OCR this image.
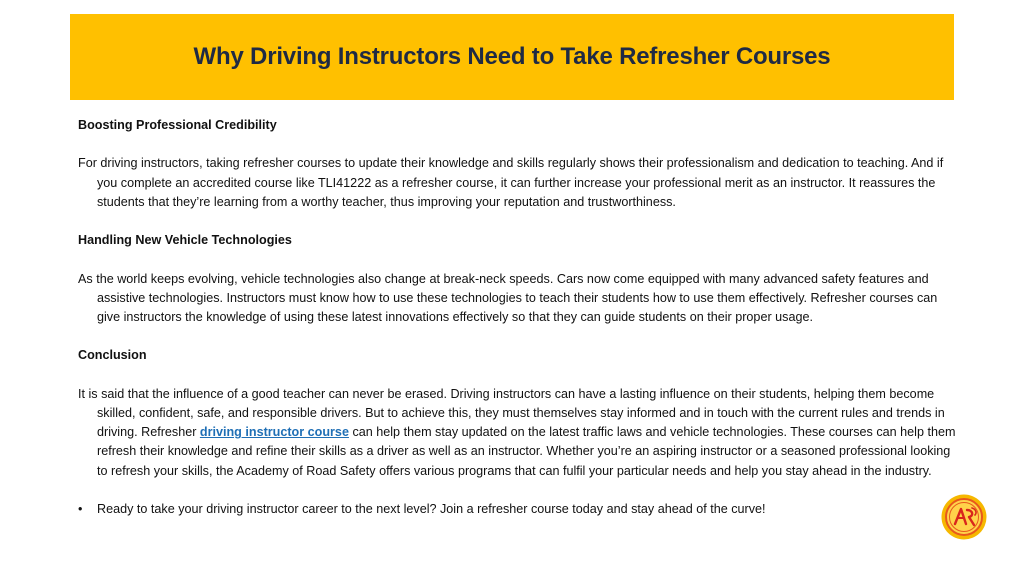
Why Driving Instructors Need to Take Refresher Courses

Boosting Professional Credibility

For driving instructors, taking refresher courses to update their knowledge and skills regularly shows their professionalism and dedication to teaching. And if you complete an accredited course like TLI41222 as a refresher course, it can further increase your professional merit as an instructor. It reassures the students that they’re learning from a worthy teacher, thus improving your reputation and trustworthiness.

Handling New Vehicle Technologies

As the world keeps evolving, vehicle technologies also change at break-neck speeds. Cars now come equipped with many advanced safety features and assistive technologies. Instructors must know how to use these technologies to teach their students how to use them effectively. Refresher courses can give instructors the knowledge of using these latest innovations effectively so that they can guide students on their proper usage.

Conclusion

It is said that the influence of a good teacher can never be erased. Driving instructors can have a lasting influence on their students, helping them become skilled, confident, safe, and responsible drivers. But to achieve this, they must themselves stay informed and in touch with the current rules and trends in driving. Refresher driving instructor course can help them stay updated on the latest traffic laws and vehicle technologies. These courses can help them refresh their knowledge and refine their skills as a driver as well as an instructor. Whether you’re an aspiring instructor or a seasoned professional looking to refresh your skills, the Academy of Road Safety offers various programs that can fulfil your particular needs and help you stay ahead in the industry.

•	Ready to take your driving instructor career to the next level? Join a refresher course today and stay ahead of the curve!
